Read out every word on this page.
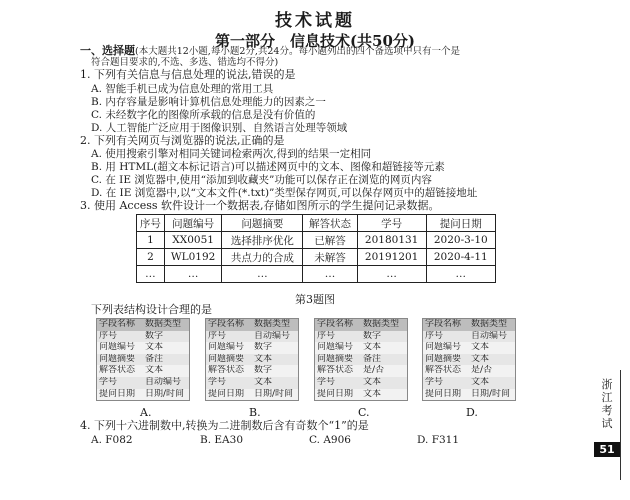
技术试题
第一部分　信息技术(共50分)
一、选择题(本大题共12小题,每小题2分,共24分。每小题列出的四个备选项中只有一个是
符合题目要求的,不选、多选、错选均不得分)
1. 下列有关信息与信息处理的说法,错误的是
A. 智能手机已成为信息处理的常用工具
B. 内存容量是影响计算机信息处理能力的因素之一
C. 未经数字化的图像所承载的信息是没有价值的
D. 人工智能广泛应用于图像识别、自然语言处理等领域
2. 下列有关网页与浏览器的说法,正确的是
A. 使用搜索引擎对相同关键词检索两次,得到的结果一定相同
B. 用 HTML(超文本标记语言)可以描述网页中的文本、图像和超链接等元素
C. 在 IE 浏览器中,使用“添加到收藏夹”功能可以保存正在浏览的网页内容
D. 在 IE 浏览器中,以“文本文件(*.txt)”类型保存网页,可以保存网页中的超链接地址
3. 使用 Access 软件设计一个数据表,存储如图所示的学生提问记录数据。
序号	问题编号	问题摘要	解答状态	学号	提问日期
1	XX0051	选择排序优化	已解答	20180131	2020-3-10
2	WL0192	共点力的合成	未解答	20191201	2020-4-11
…	…	…	…	…	…
第3题图
下列表结构设计合理的是
字段名称	数据类型
序号	数字
问题编号	文本
问题摘要	备注
解答状态	文本
学号	自动编号
提问日期	日期/时间
字段名称	数据类型
序号	自动编号
问题编号	数字
问题摘要	文本
解答状态	数字
学号	文本
提问日期	日期/时间
字段名称	数据类型
序号	数字
问题编号	文本
问题摘要	备注
解答状态	是/否
学号	文本
提问日期	文本
字段名称	数据类型
序号	自动编号
问题编号	文本
问题摘要	文本
解答状态	是/否
学号	文本
提问日期	日期/时间
A.	B.	C.	D.
4. 下列十六进制数中,转换为二进制数后含有奇数个“1”的是
A. F082	B. EA30	C. A906	D. F311
浙江考试
51
